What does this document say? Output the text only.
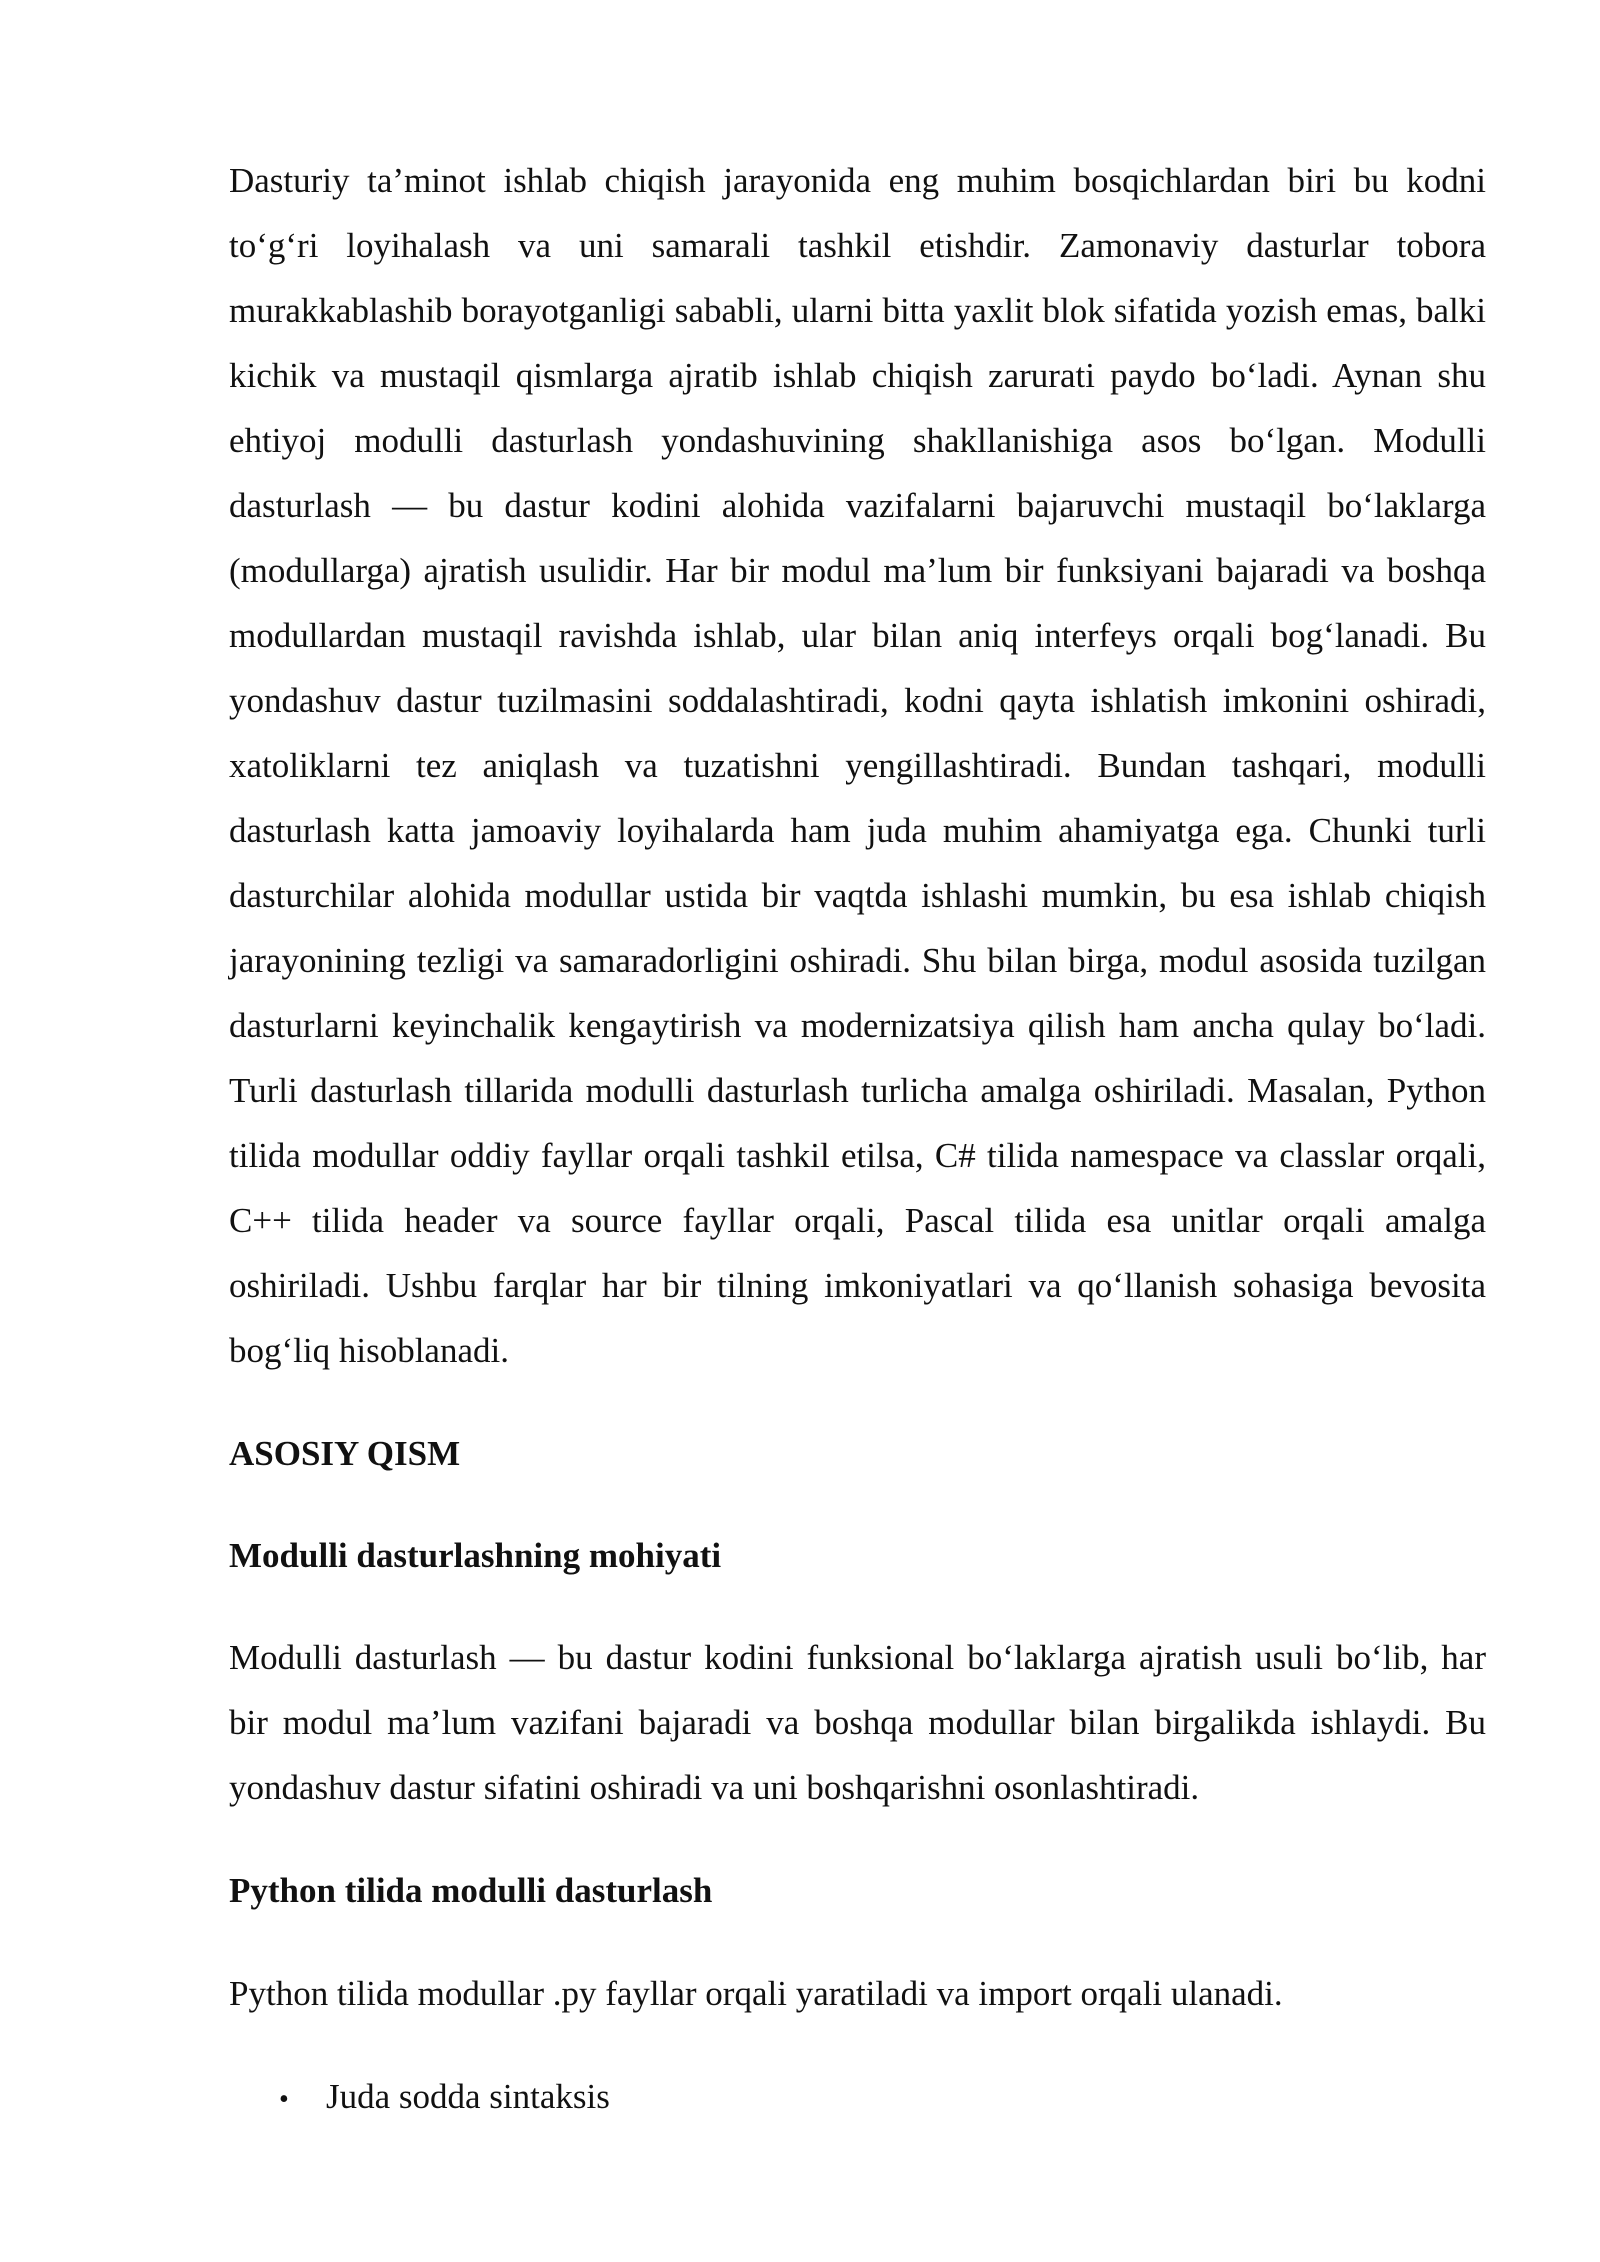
Dasturiy ta’minot ishlab chiqish jarayonida eng muhim bosqichlardan biri bu kodni to‘g‘ri loyihalash va uni samarali tashkil etishdir. Zamonaviy dasturlar tobora murakkablashib borayotganligi sababli, ularni bitta yaxlit blok sifatida yozish emas, balki kichik va mustaqil qismlarga ajratib ishlab chiqish zarurati paydo bo‘ladi. Aynan shu ehtiyoj modulli dasturlash yondashuvining shakllanishiga asos bo‘lgan. Modulli dasturlash — bu dastur kodini alohida vazifalarni bajaruvchi mustaqil bo‘laklarga (modullarga) ajratish usulidir. Har bir modul ma’lum bir funksiyani bajaradi va boshqa modullardan mustaqil ravishda ishlab, ular bilan aniq interfeys orqali bog‘lanadi. Bu yondashuv dastur tuzilmasini soddalashtiradi, kodni qayta ishlatish imkonini oshiradi, xatoliklarni tez aniqlash va tuzatishni yengillashtiradi. Bundan tashqari, modulli dasturlash katta jamoaviy loyihalarda ham juda muhim ahamiyatga ega. Chunki turli dasturchilar alohida modullar ustida bir vaqtda ishlashi mumkin, bu esa ishlab chiqish jarayonining tezligi va samaradorligini oshiradi. Shu bilan birga, modul asosida tuzilgan dasturlarni keyinchalik kengaytirish va modernizatsiya qilish ham ancha qulay bo‘ladi. Turli dasturlash tillarida modulli dasturlash turlicha amalga oshiriladi. Masalan, Python tilida modullar oddiy fayllar orqali tashkil etilsa, C# tilida namespace va classlar orqali, C++ tilida header va source fayllar orqali, Pascal tilida esa unitlar orqali amalga oshiriladi. Ushbu farqlar har bir tilning imkoniyatlari va qo‘llanish sohasiga bevosita bog‘liq hisoblanadi.

ASOSIY QISM

Modulli dasturlashning mohiyati

Modulli dasturlash — bu dastur kodini funksional bo‘laklarga ajratish usuli bo‘lib, har bir modul ma’lum vazifani bajaradi va boshqa modullar bilan birgalikda ishlaydi. Bu yondashuv dastur sifatini oshiradi va uni boshqarishni osonlashtiradi.

Python tilida modulli dasturlash

Python tilida modullar .py fayllar orqali yaratiladi va import orqali ulanadi.

•	Juda sodda sintaksis
